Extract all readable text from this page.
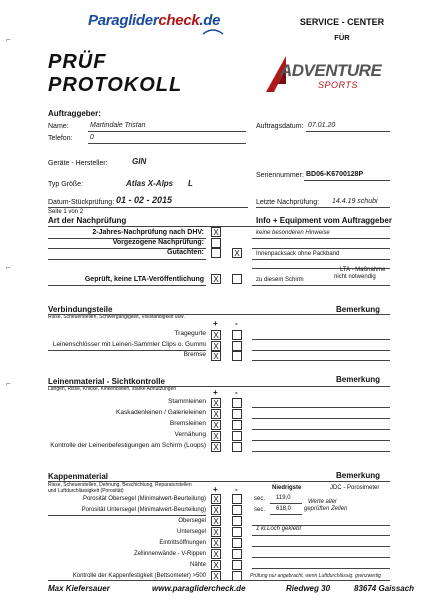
⌐
⌐
⌐
Paraglidercheck.de	SERVICE - CENTER
FÜR
PRÜF
PROTOKOLL
ADVENTURE
SPORTS
Auftraggeber:
Name:	Martindale Tristan	Auftragsdatum: 07.01.20
Telefon: 0
Geräte - Hersteller:	GIN
Seriennummer: BD06-K6700128P
Typ Größe:	Atlas X-Alps L
Datum-Stückprüfung: 01 - 02 - 2015	Letzte Nachprüfung: 14.4.19 schubi
Seite 1 von 2
Art der Nachprüfung	Info + Equipment vom Auftraggeber
2-Jahres-Nachprüfung nach DHV: X	keine besonderen Hinweise
Vorgezogene Nachprüfung:
Gutachten:	X	Innenpacksack ohne Packband
LTA - Maßnahme
nicht notwendig
Geprüft, keine LTA-Veröffentlichung X	zu diesem Schirm
Verbindungsteile	Bemerkung
Risse, Scheuerstellen, Schwergängigkeit, Vollständigkeit usw.
+ -
Tragegurte X
Leinenschlösser mit Leinen-Sammler Clips o. Gummi X
Bremse X
Leinenmaterial - Sichtkontrolle	Bemerkung
Längen, Risse, Knicke, Kinkenbilden, starke Abnutzungen	+ -
Stammleinen X
Kaskadenleinen / Galerieleinen X
Bremsleinen X
Vernähung X
Kontrolle der Leinenbefestigungen am Schirm (Loops) X
Kappenmaterial	Bemerkung
Risse, Scheuerstellen, Dehnung, Beschichtung, Reparaturstellen
und Luftdurchlässigkeit (Porosität)	+ -	Niedrigste	JDC - Porosimeter
Porosität Obersegel (Minimalwert-Beurteilung) X	sec. 119,0
Werte aller
geprüften Zellen
Porosität Untersegel (Minimalwert-Beurteilung) X	sec. 618,0
Obersegel X
Untersegel X	1 kl.Loch geklebt
Eintrittsöffnungen X
Zellinnenwände - V-Rippen X
Nähte X
Kontrolle der Kappenfestigkeit (Bettsometer) >500 X	Prüfung nur angebracht, wenn Luftdurchlässig. grenzwertig
Max Kiefersauer	www.paraglidercheck.de	Riedweg 30	83674 Gaissach
